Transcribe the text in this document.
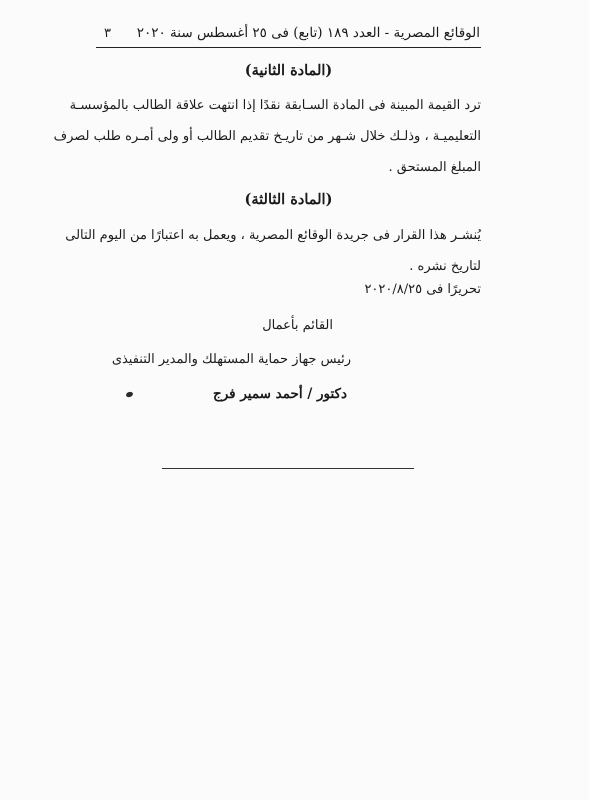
الوقائع المصرية - العدد ١٨٩ (تابع) فى ٢٥ أغسطس سنة ٢٠٢٠
٣
(المادة الثانية)
ترد القيمة المبينة فى المادة السـابقة نقدًا إذا انتهت علاقة الطالب بالمؤسسـة
التعليميـة ، وذلـك خلال شـهر من تاريـخ تقديم الطالب أو ولى أمـره طلب لصرف
المبلغ المستحق .
(المادة الثالثة)
يُنشـر هذا القرار فى جريدة الوقائع المصرية ، ويعمل به اعتبارًا من اليوم التالى
لتاريخ نشره .
تحريرًا فى ٢٠٢٠/٨/٢٥
القائم بأعمال
رئيس جهاز حماية المستهلك والمدير التنفيذى
دكتور / أحمد سمير فرج
